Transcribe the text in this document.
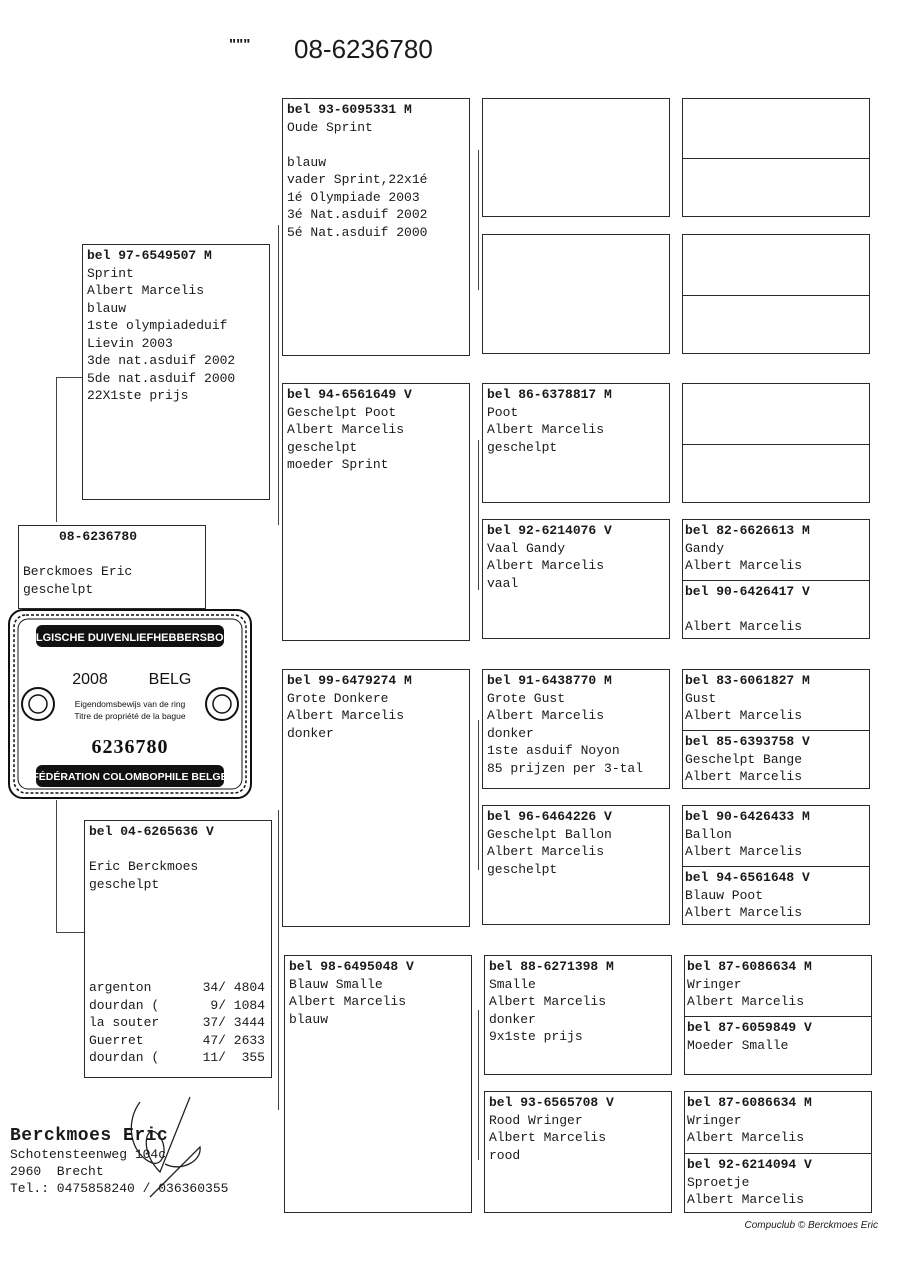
""" 08-6236780
08-6236780
Berckmoes Eric
geschelpt
BELGISCHE DUIVENLIEFHEBBERSBOND
2008	BELG
Eigendomsbewijs van de ring
Titre de propriété de la bague
6236780
FÉDÉRATION COLOMBOPHILE BELGE
bel 97-6549507 M
Sprint
Albert Marcelis
blauw
1ste olympiadeduif
Lievin 2003
3de nat.asduif 2002
5de nat.asduif 2000
22X1ste prijs
bel 04-6265636 V
Eric Berckmoes
geschelpt
argenton	34/ 4804
dourdan (	9/ 1084
la souter	37/ 3444
Guerret	47/ 2633
dourdan (	11/  355
bel 93-6095331 M
Oude Sprint
blauw
vader Sprint,22x1é
1é Olympiade 2003
3é Nat.asduif 2002
5é Nat.asduif 2000
bel 94-6561649 V
Geschelpt Poot
Albert Marcelis
geschelpt
moeder Sprint
bel 99-6479274 M
Grote Donkere
Albert Marcelis
donker
bel 98-6495048 V
Blauw Smalle
Albert Marcelis
blauw
bel 86-6378817 M
Poot
Albert Marcelis
geschelpt
bel 92-6214076 V
Vaal Gandy
Albert Marcelis
vaal
bel 91-6438770 M
Grote Gust
Albert Marcelis
donker
1ste asduif Noyon
85 prijzen per 3-tal
bel 96-6464226 V
Geschelpt Ballon
Albert Marcelis
geschelpt
bel 88-6271398 M
Smalle
Albert Marcelis
donker
9x1ste prijs
bel 93-6565708 V
Rood Wringer
Albert Marcelis
rood
bel 82-6626613 M
Gandy
Albert Marcelis
bel 90-6426417 V
Albert Marcelis
bel 83-6061827 M
Gust
Albert Marcelis
bel 85-6393758 V
Geschelpt Bange
Albert Marcelis
bel 90-6426433 M
Ballon
Albert Marcelis
bel 94-6561648 V
Blauw Poot
Albert Marcelis
bel 87-6086634 M
Wringer
Albert Marcelis
bel 87-6059849 V
Moeder Smalle
bel 87-6086634 M
Wringer
Albert Marcelis
bel 92-6214094 V
Sproetje
Albert Marcelis
Berckmoes Eric
Schotensteenweg 104c
2960  Brecht
Tel.: 0475858240 / 036360355
Compuclub © Berckmoes Eric
